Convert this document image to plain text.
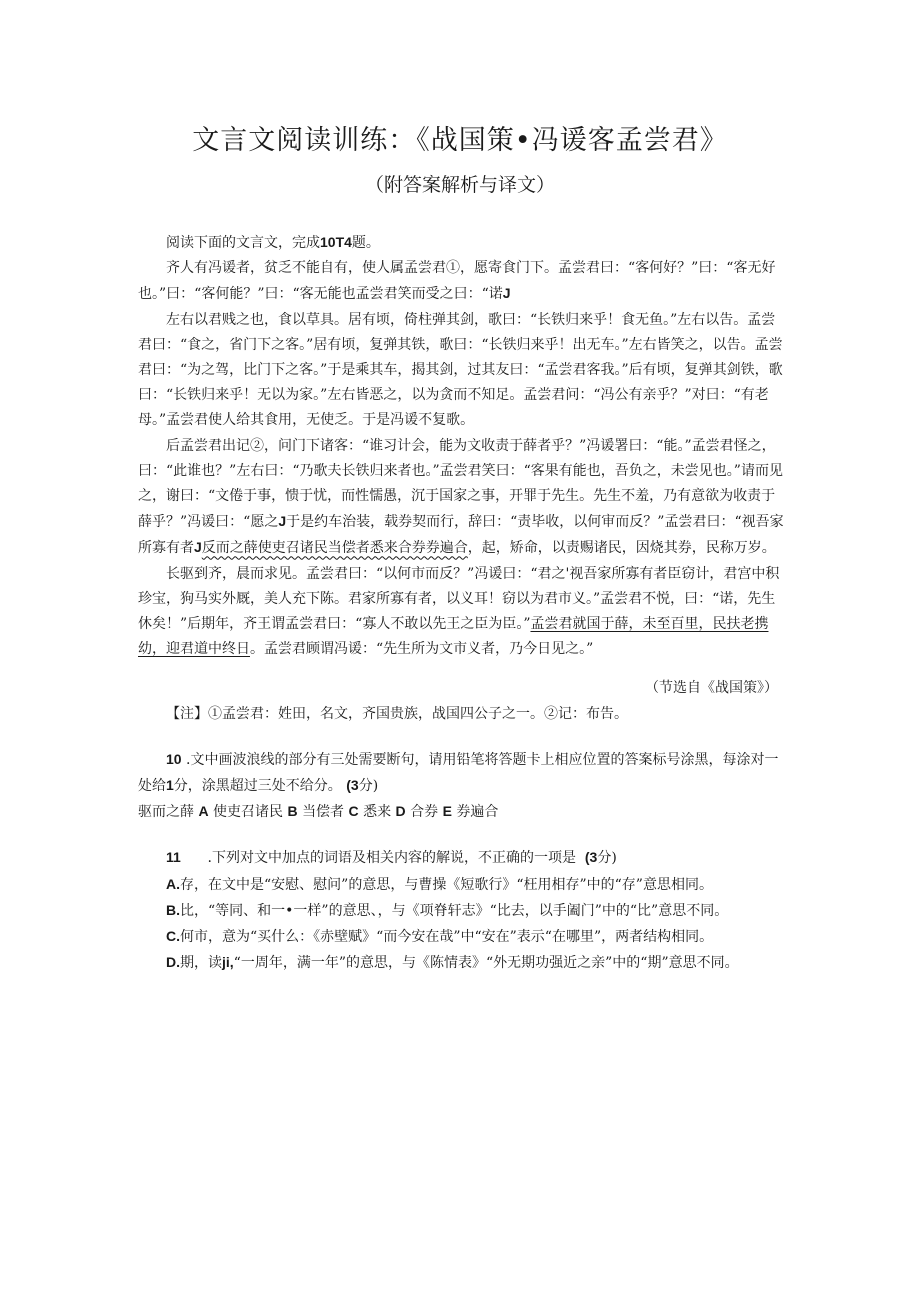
文言文阅读训练：《战国策•冯谖客孟尝君》
（附答案解析与译文）

阅读下面的文言文，完成10T4题。

齐人有冯谖者，贫乏不能自有，使人属孟尝君①，愿寄食门下。孟尝君曰：“客何好？”曰：“客无好也。”曰：“客何能？”曰：“客无能也孟尝君笑而受之曰：“诺J

左右以君贱之也，食以草具。居有顷，倚柱弹其剑，歌曰：“长铁归来乎！食无鱼。”左右以告。孟尝君曰：“食之，省门下之客。”居有顷，复弹其铁，歌曰：“长铁归来乎！出无车。”左右皆笑之，以告。孟尝君曰：“为之驾，比门下之客。”于是乘其车，揭其剑，过其友曰：“孟尝君客我。”后有顷，复弹其剑铁，歌曰：“长铁归来乎！无以为家。”左右皆恶之，以为贪而不知足。孟尝君问：“冯公有亲乎？”对曰：“有老母。”孟尝君使人给其食用，无使乏。于是冯谖不复歌。

后孟尝君出记②，问门下诸客：“谁习计会，能为文收责于薛者乎？”冯谖署曰：“能。”孟尝君怪之，曰：“此谁也？”左右曰：“乃歌夫长铁归来者也。”孟尝君笑曰：“客果有能也，吾负之，未尝见也。”请而见之，谢曰：“文倦于事，愦于忧，而性懦愚，沉于国家之事，开罪于先生。先生不羞，乃有意欲为收责于薛乎？”冯谖曰：“愿之J于是约车治装，载券契而行，辞曰：“责毕收，以何审而反？”孟尝君曰：“视吾家所寡有者J反而之薛使吏召诸民当偿者悉来合券券遍合，起，矫命，以责赐诸民，因烧其券，民称万岁。

长驱到齐，晨而求见。孟尝君曰：“以何市而反？”冯谖曰：“君之'视吾家所寡有者臣窃计，君宫中积珍宝，狗马实外厩，美人充下陈。君家所寡有者，以义耳！窃以为君市义。”孟尝君不悦，曰：“诺，先生休矣！”后期年，齐王谓孟尝君曰：“寡人不敢以先王之臣为臣。”孟尝君就国于薛，未至百里，民扶老携幼，迎君道中终日。孟尝君顾谓冯谖：“先生所为文市义者，乃今日见之。”

（节选自《战国策》）

【注】①孟尝君：姓田，名文，齐国贵族，战国四公子之一。②记：布告。

10 .文中画波浪线的部分有三处需要断句，请用铅笔将答题卡上相应位置的答案标号涂黑，每涂对一处给1分，涂黑超过三处不给分。 (3分)

驱而之薛 A 使吏召诸民 B 当偿者 C 悉来 D 合券 E 券遍合

11      .下列对文中加点的词语及相关内容的解说，不正确的一项是 (3分)

A.存，在文中是“安慰、慰问”的意思，与曹操《短歌行》“枉用相存”中的“存”意思相同。

B.比，“等同、和一•一样”的意思、，与《项脊轩志》“比去，以手阖门”中的“比”意思不同。

C.何市，意为“买什么：《赤壁赋》“而今安在哉”中“安在”表示“在哪里”，两者结构相同。

D.期，读ji,“一周年，满一年”的意思，与《陈情表》“外无期功强近之亲”中的“期”意思不同。
